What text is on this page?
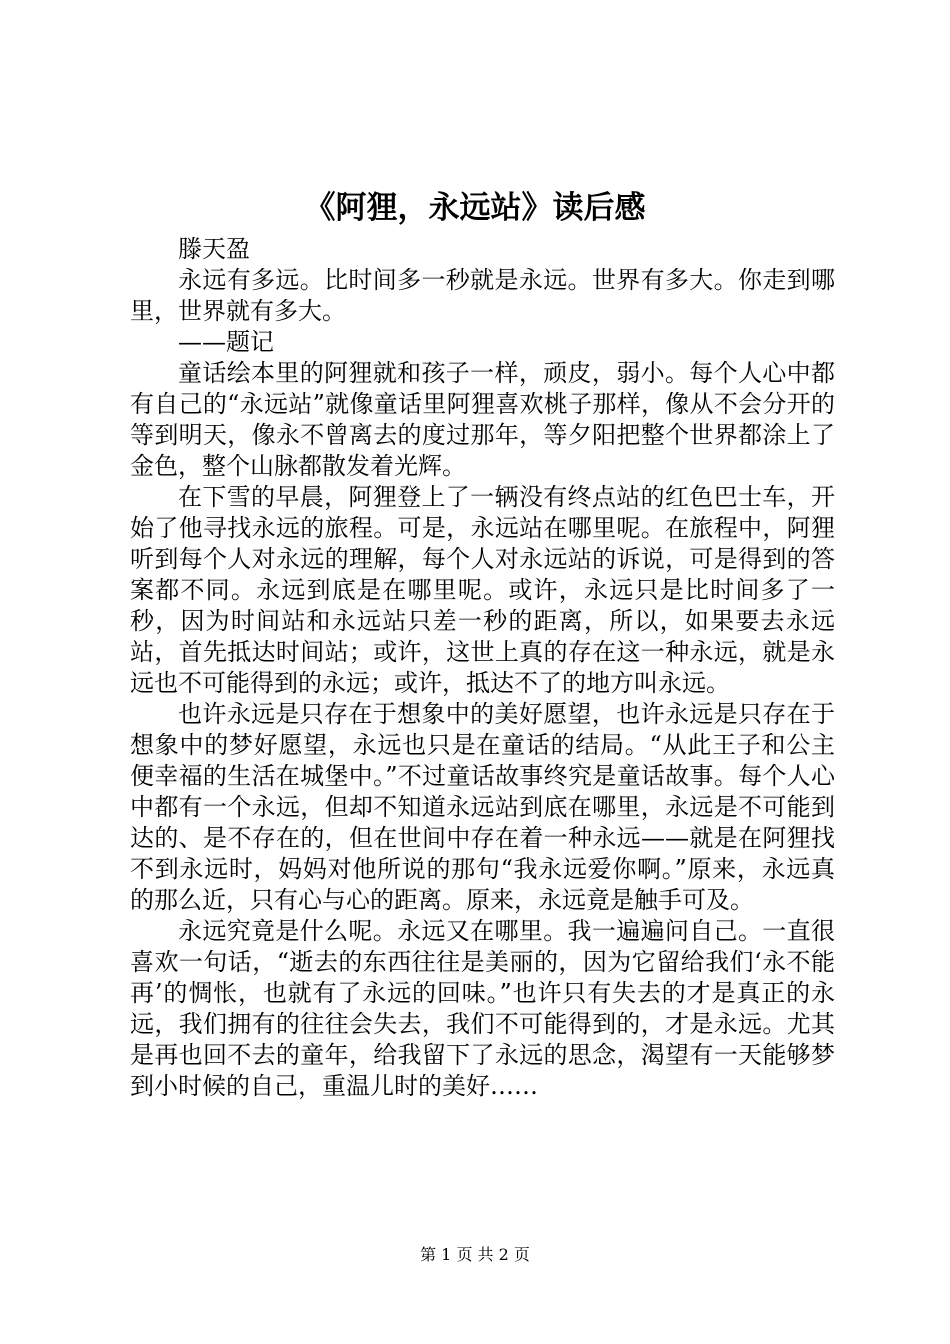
《阿狸，永远站》读后感

滕天盈

永远有多远。比时间多一秒就是永远。世界有多大。你走到哪里，世界就有多大。

——题记

童话绘本里的阿狸就和孩子一样，顽皮，弱小。每个人心中都有自己的“永远站”就像童话里阿狸喜欢桃子那样，像从不会分开的等到明天，像永不曾离去的度过那年，等夕阳把整个世界都涂上了金色，整个山脉都散发着光辉。

在下雪的早晨，阿狸登上了一辆没有终点站的红色巴士车，开始了他寻找永远的旅程。可是，永远站在哪里呢。在旅程中，阿狸听到每个人对永远的理解，每个人对永远站的诉说，可是得到的答案都不同。永远到底是在哪里呢。或许，永远只是比时间多了一秒，因为时间站和永远站只差一秒的距离，所以，如果要去永远站，首先抵达时间站；或许，这世上真的存在这一种永远，就是永远也不可能得到的永远；或许，抵达不了的地方叫永远。

也许永远是只存在于想象中的美好愿望，也许永远是只存在于想象中的梦好愿望，永远也只是在童话的结局。“从此王子和公主便幸福的生活在城堡中。”不过童话故事终究是童话故事。每个人心中都有一个永远，但却不知道永远站到底在哪里，永远是不可能到达的、是不存在的，但在世间中存在着一种永远——就是在阿狸找不到永远时，妈妈对他所说的那句“我永远爱你啊。”原来，永远真的那么近，只有心与心的距离。原来，永远竟是触手可及。

永远究竟是什么呢。永远又在哪里。我一遍遍问自己。一直很喜欢一句话，“逝去的东西往往是美丽的，因为它留给我们‘永不能再’的惆怅，也就有了永远的回味。”也许只有失去的才是真正的永远，我们拥有的往往会失去，我们不可能得到的，才是永远。尤其是再也回不去的童年，给我留下了永远的思念，渴望有一天能够梦到小时候的自己，重温儿时的美好……

第 1 页 共 2 页
